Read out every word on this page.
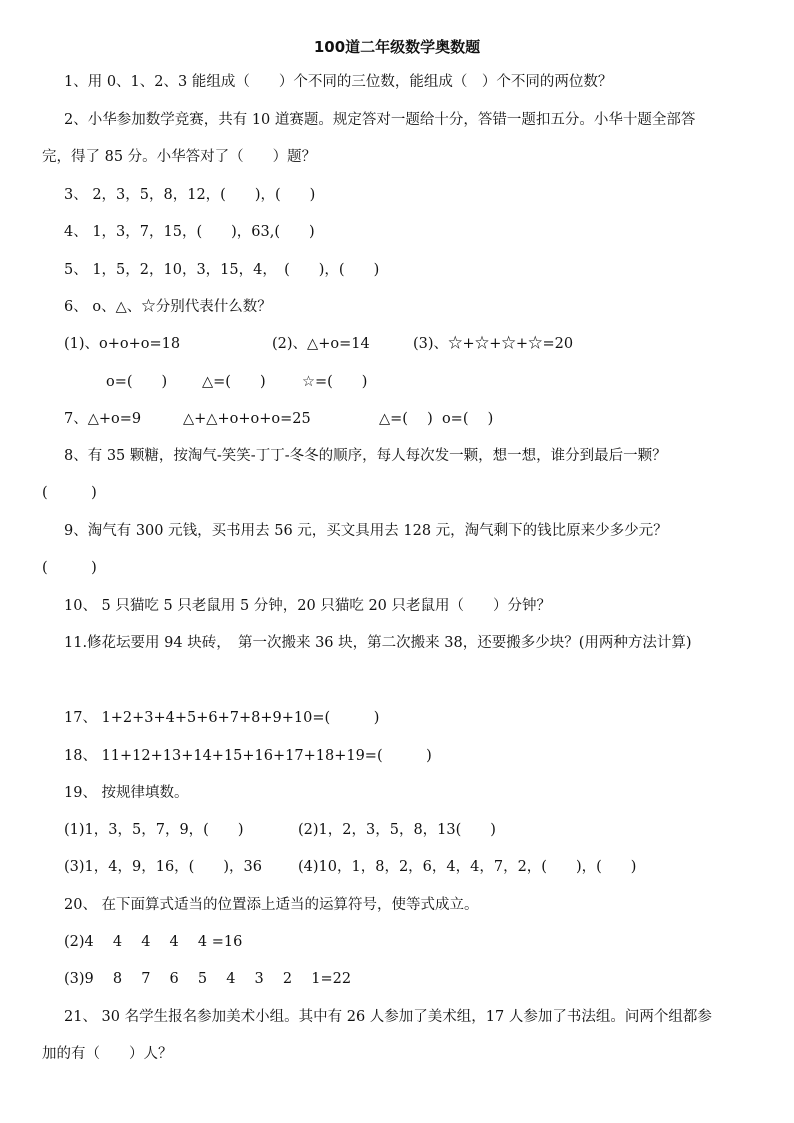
100道二年级数学奥数题
1、用 0、1、2、3 能组成（　　）个不同的三位数，能组成（　）个不同的两位数？
2、小华参加数学竞赛，共有 10 道赛题。规定答对一题给十分，答错一题扣五分。小华十题全部答
完，得了 85 分。小华答对了（　　）题？
3、 2，3，5，8，12，(　　)，(　　)
4、 1，3，7，15，(　　)，63,(　　)
5、 1，5，2，10，3，15，4，　(　　)，(　　)
6、 o、△、☆分别代表什么数？
(1)、o+o+o=18	(2)、△+o=14	(3)、☆+☆+☆+☆=20
o=(　　) △=(　　)	☆=(　　)
7、△+o=9	△+△+o+o+o=25	△=(　 )  o=(　 )
8、有 35 颗糖，按淘气-笑笑-丁丁-冬冬的顺序，每人每次发一颗，想一想，谁分到最后一颗？
(　　　)
9、淘气有 300 元钱，买书用去 56 元，买文具用去 128 元，淘气剩下的钱比原来少多少元？
(　　　)
10、 5 只猫吃 5 只老鼠用 5 分钟，20 只猫吃 20 只老鼠用（　　）分钟？
11.修花坛要用 94 块砖，　第一次搬来 36 块，第二次搬来 38，还要搬多少块？(用两种方法计算)
17、 1+2+3+4+5+6+7+8+9+10=(　　　)
18、 11+12+13+14+15+16+17+18+19=(　　　)
19、 按规律填数。
(1)1，3，5，7，9，(　　)	(2)1，2，3，5，8，13(　　)
(3)1，4，9，16，(　　)，36 (4)10，1，8，2，6，4，4，7，2，(　　)，(　　)
20、 在下面算式适当的位置添上适当的运算符号，使等式成立。
(2)4　 4　 4　 4　 4 =16
(3)9　 8　 7　 6　 5　 4　 3　 2　 1=22
21、 30 名学生报名参加美术小组。其中有 26 人参加了美术组，17 人参加了书法组。问两个组都参
加的有（　　）人？
